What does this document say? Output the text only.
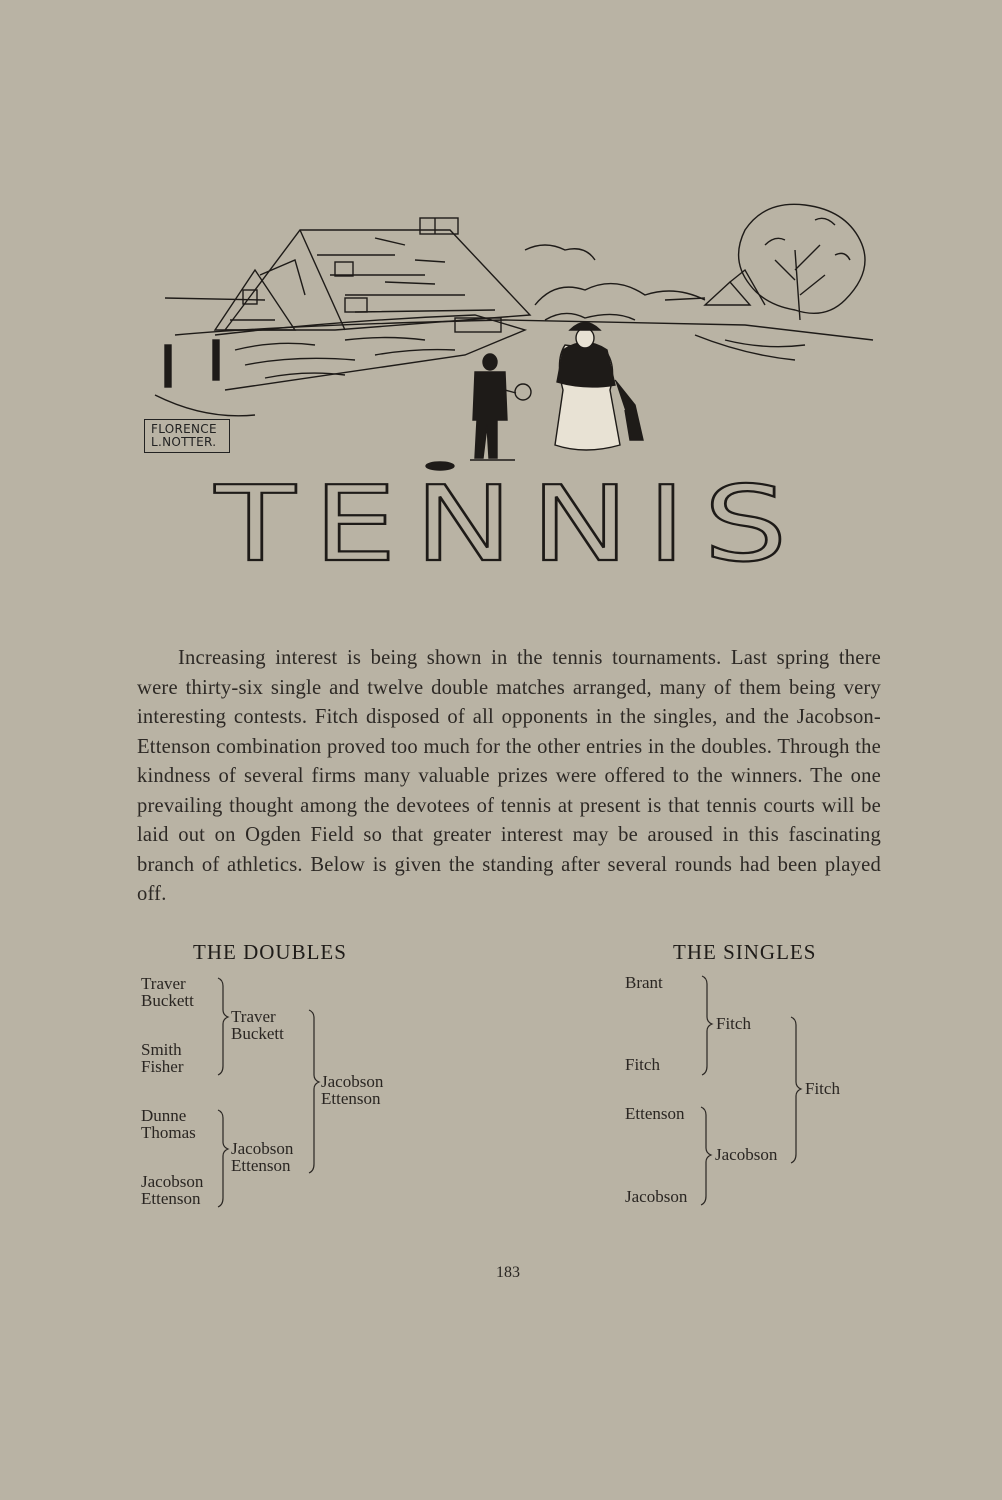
FLORENCE
L.NOTTER.
TENNIS

Increasing interest is being shown in the tennis tournaments. Last spring there were thirty-six single and twelve double matches arranged, many of them being very interesting contests. Fitch disposed of all opponents in the singles, and the Jacobson-Ettenson combination proved too much for the other entries in the doubles. Through the kindness of several firms many valuable prizes were offered to the winners. The one prevailing thought among the devotees of tennis at present is that tennis courts will be laid out on Ogden Field so that greater interest may be aroused in this fascinating branch of athletics. Below is given the standing after several rounds had been played off.

THE DOUBLES	THE SINGLES
Traver
Buckett
Smith
Fisher
Dunne
Thomas
Jacobson
Ettenson
Traver
Buckett
Jacobson
Ettenson
Jacobson
Ettenson
Brant
Fitch
Ettenson
Jacobson
Fitch
Jacobson
Fitch
183
